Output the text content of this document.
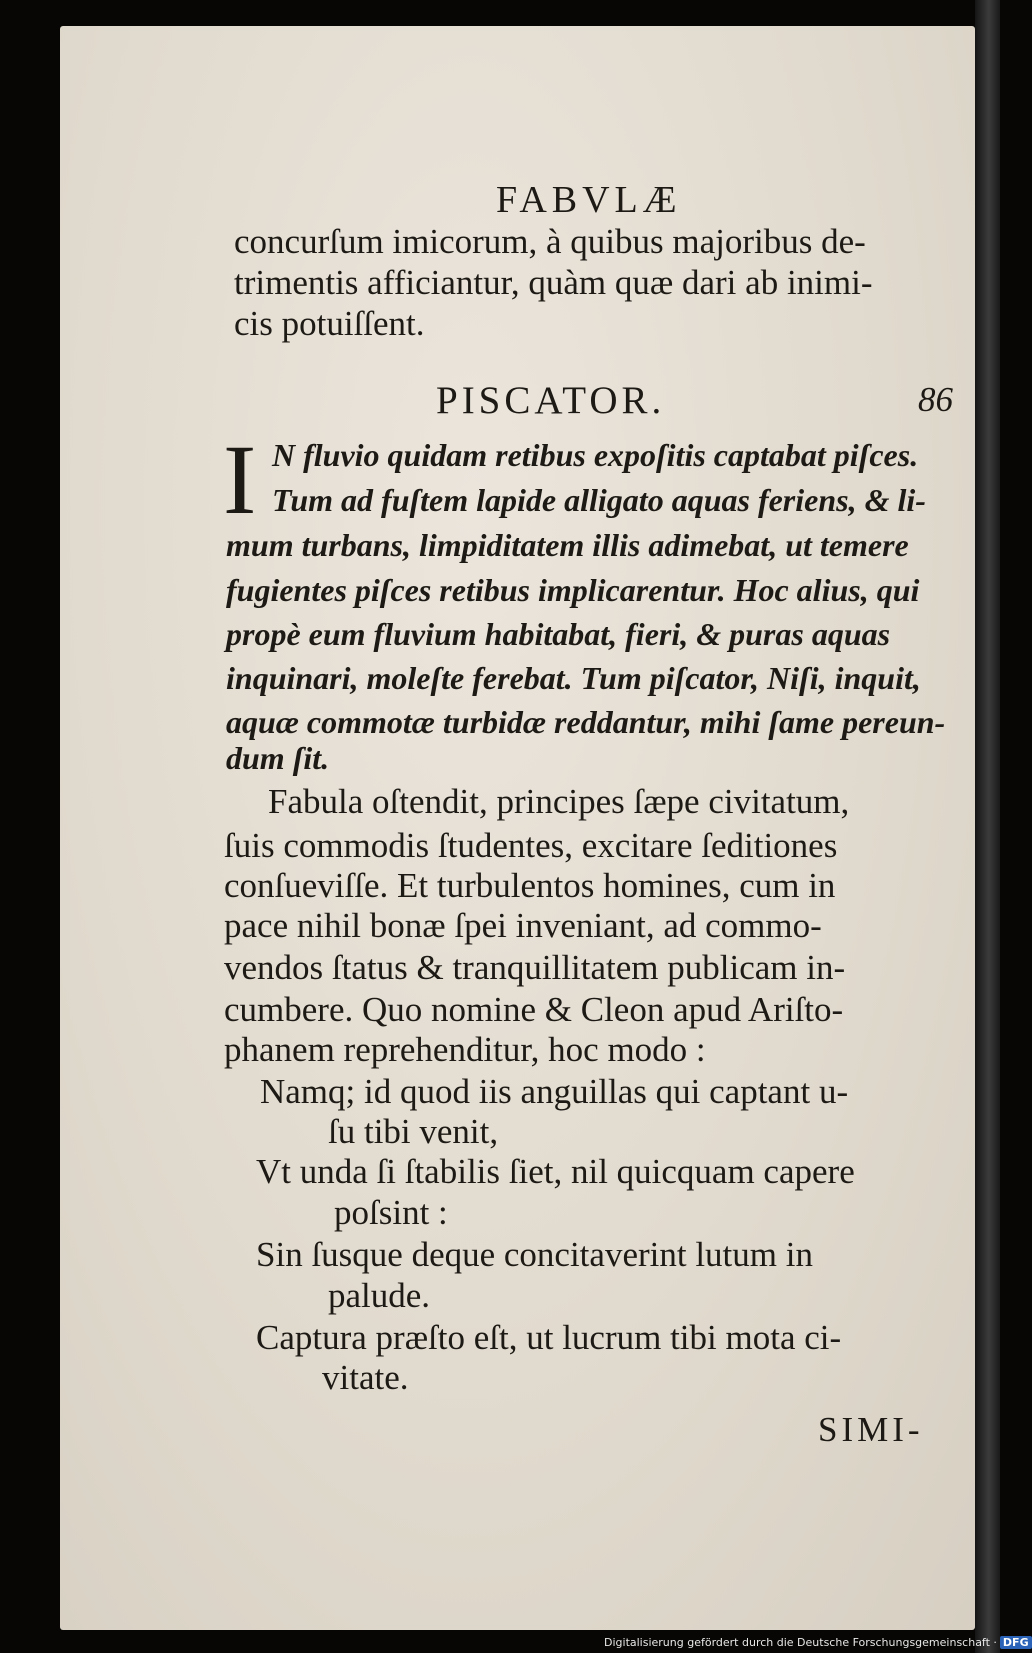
FABVLÆ
concurſum imicorum, à quibus majoribus de-
trimentis afficiantur, quàm quæ dari ab inimi-
cis potuiſſent.
PISCATOR.	86
I N fluvio quidam retibus expoſitis captabat piſces.
Tum ad fuſtem lapide alligato aquas feriens, & li-
mum turbans, limpiditatem illis adimebat, ut temere
fugientes piſces retibus implicarentur. Hoc alius, qui
propè eum fluvium habitabat, fieri, & puras aquas
inquinari, moleſte ferebat. Tum piſcator, Niſi, inquit,
aquæ commotæ turbidæ reddantur, mihi ſame pereun-
dum ſit.
Fabula oſtendit, principes ſæpe civitatum,
ſuis commodis ſtudentes, excitare ſeditiones
conſueviſſe. Et turbulentos homines, cum in
pace nihil bonæ ſpei inveniant, ad commo-
vendos ſtatus & tranquillitatem publicam in-
cumbere. Quo nomine & Cleon apud Ariſto-
phanem reprehenditur, hoc modo :
Namq; id quod iis anguillas qui captant u-
ſu tibi venit,
Vt unda ſi ſtabilis ſiet, nil quicquam capere
poſsint :
Sin ſusque deque concitaverint lutum in
palude.
Captura præſto eſt, ut lucrum tibi mota ci-
vitate.
SIMI-
Digitalisierung gefördert durch die Deutsche Forschungsgemeinschaft · DFG
